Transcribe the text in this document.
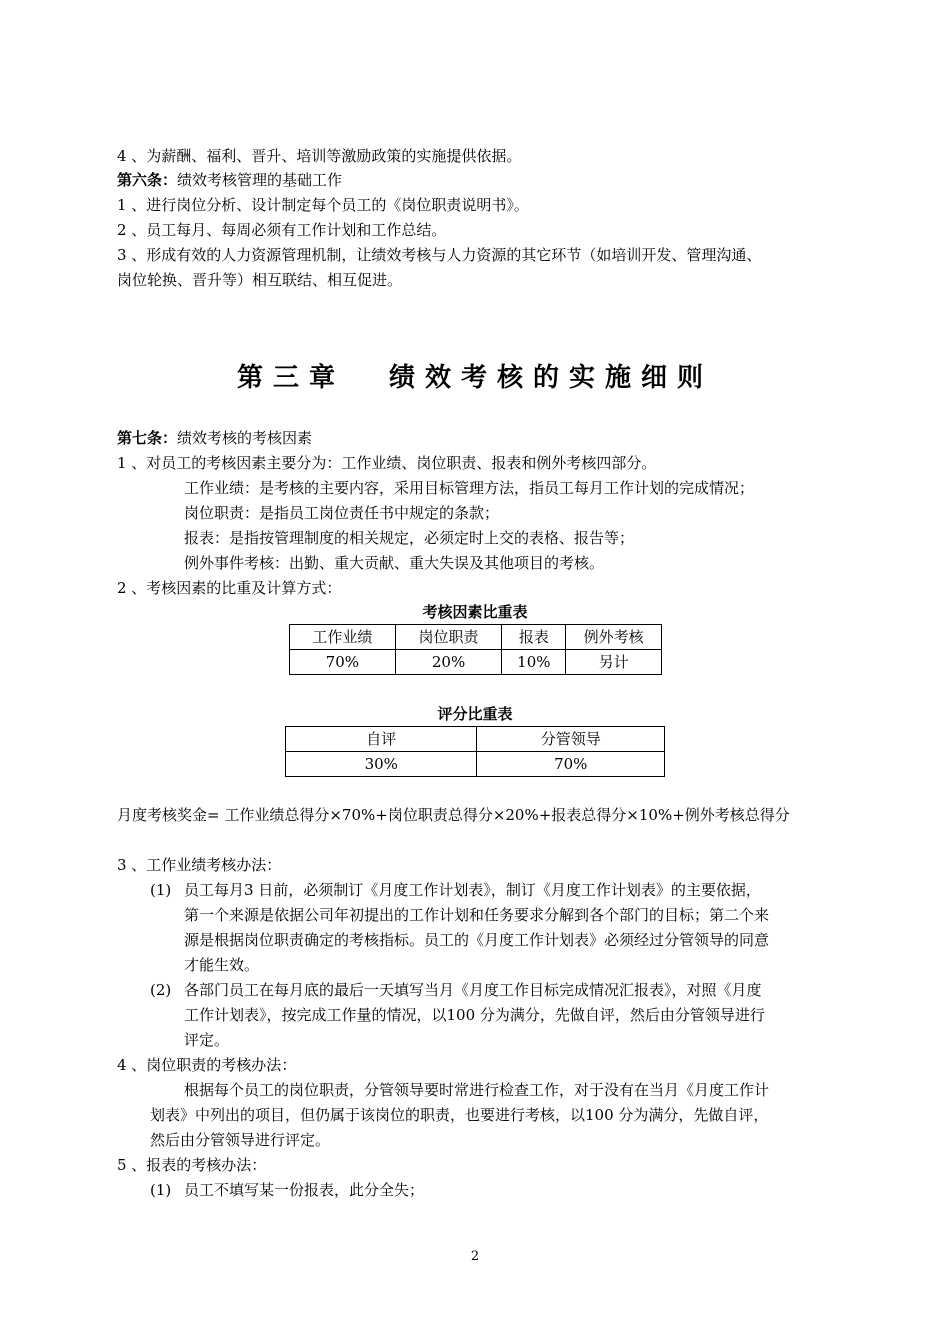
4 、为薪酬、福利、晋升、培训等激励政策的实施提供依据。
第六条：绩效考核管理的基础工作
1 、进行岗位分析、设计制定每个员工的《岗位职责说明书》。
2 、员工每月、每周必须有工作计划和工作总结。
3 、形成有效的人力资源管理机制，让绩效考核与人力资源的其它环节（如培训开发、管理沟通、
岗位轮换、晋升等）相互联结、相互促进。
第三章 绩效考核的实施细则
第七条：绩效考核的考核因素
1 、对员工的考核因素主要分为：工作业绩、岗位职责、报表和例外考核四部分。
工作业绩：是考核的主要内容，采用目标管理方法，指员工每月工作计划的完成情况；
岗位职责：是指员工岗位责任书中规定的条款；
报表：是指按管理制度的相关规定，必须定时上交的表格、报告等；
例外事件考核：出勤、重大贡献、重大失误及其他项目的考核。
2 、考核因素的比重及计算方式：
考核因素比重表
工作业绩	岗位职责	报表	例外考核
70%	20%	10%	另计
评分比重表
自评	分管领导
30%	70%
月度考核奖金= 工作业绩总得分×70%+岗位职责总得分×20%+报表总得分×10%+例外考核总得分
3 、工作业绩考核办法：
(1) 员工每月3 日前，必须制订《月度工作计划表》，制订《月度工作计划表》的主要依据，
第一个来源是依据公司年初提出的工作计划和任务要求分解到各个部门的目标；第二个来
源是根据岗位职责确定的考核指标。员工的《月度工作计划表》必须经过分管领导的同意
才能生效。
(2) 各部门员工在每月底的最后一天填写当月《月度工作目标完成情况汇报表》，对照《月度
工作计划表》，按完成工作量的情况，以100 分为满分，先做自评，然后由分管领导进行
评定。
4 、岗位职责的考核办法：
根据每个员工的岗位职责，分管领导要时常进行检查工作，对于没有在当月《月度工作计
划表》中列出的项目，但仍属于该岗位的职责，也要进行考核，以100 分为满分，先做自评，
然后由分管领导进行评定。
5 、报表的考核办法：
(1) 员工不填写某一份报表，此分全失；
2
